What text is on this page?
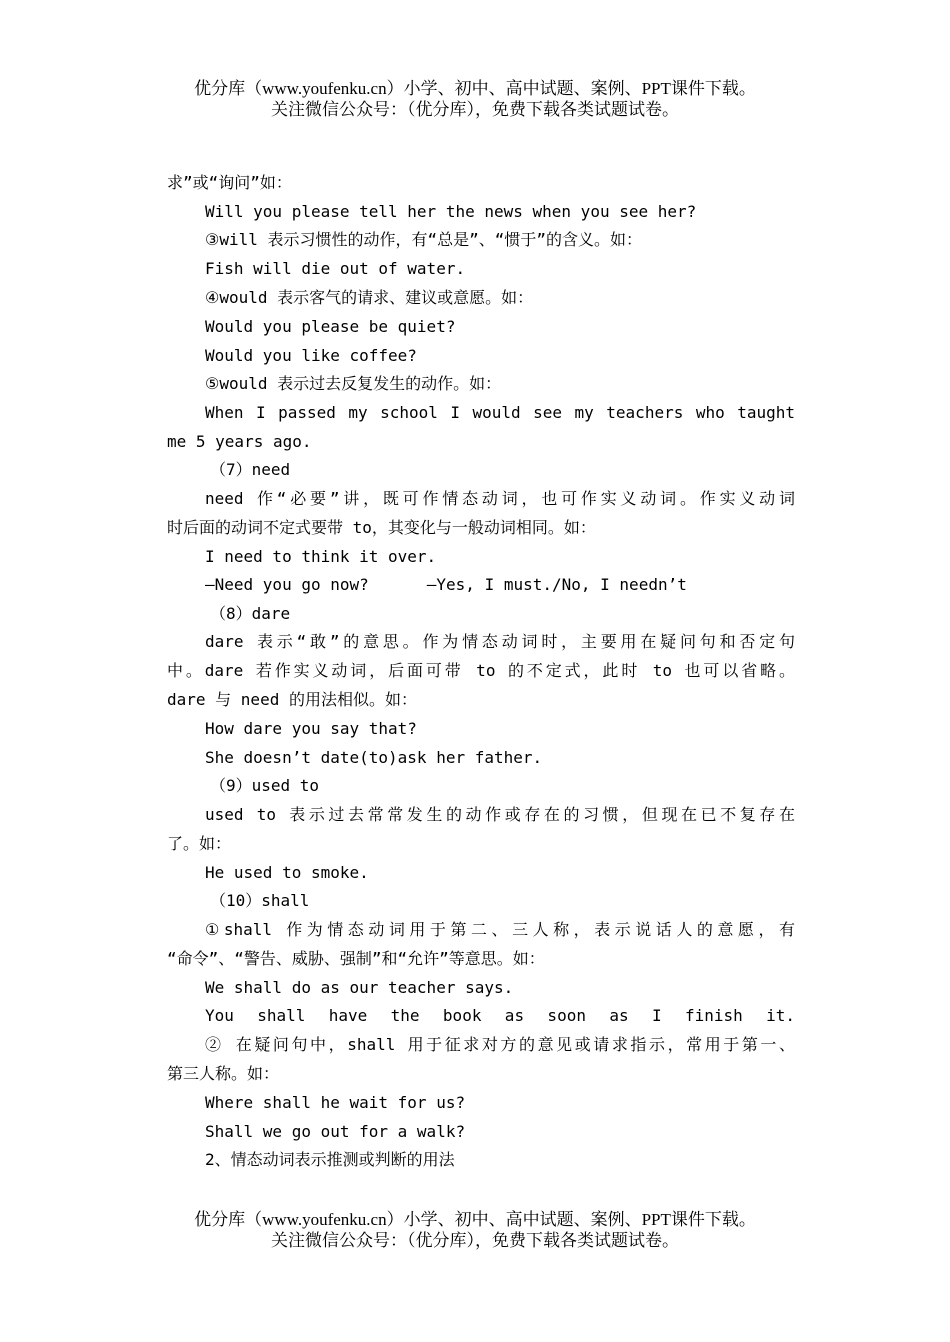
优分库（www.youfenku.cn）小学、初中、高中试题、案例、PPT课件下载。
关注微信公众号：（优分库），免费下载各类试题试卷。
求”或“询问”如：
Will you please tell her the news when you see her?
③will 表示习惯性的动作，有“总是”、“惯于”的含义。如：
Fish will die out of water.
④would 表示客气的请求、建议或意愿。如：
Would you please be quiet?
Would you like coffee?
⑤would 表示过去反复发生的动作。如：
When I passed my school I would see my teachers who taught
me 5 years ago.
（7）need
need 作“必要”讲，既可作情态动词，也可作实义动词。作实义动词
时后面的动词不定式要带 to，其变化与一般动词相同。如：
I need to think it over.
—Need you go now?	—Yes, I must./No, I needn’t
（8）dare
dare 表示“敢”的意思。作为情态动词时，主要用在疑问句和否定句
中。dare 若作实义动词，后面可带 to 的不定式，此时 to 也可以省略。
dare 与 need 的用法相似。如：
How dare you say that?
She doesn’t date(to)ask her father.
（9）used to
used to 表示过去常常发生的动作或存在的习惯，但现在已不复存在
了。如：
He used to smoke.
（10）shall
①shall 作为情态动词用于第二、三人称，表示说话人的意愿，有
“命令”、“警告、威胁、强制”和“允许”等意思。如：
We shall do as our teacher says.
You shall have the book as soon as I finish it.
② 在疑问句中，shall 用于征求对方的意见或请求指示，常用于第一、
第三人称。如：
Where shall he wait for us?
Shall we go out for a walk?
2、情态动词表示推测或判断的用法
优分库（www.youfenku.cn）小学、初中、高中试题、案例、PPT课件下载。
关注微信公众号：（优分库），免费下载各类试题试卷。
